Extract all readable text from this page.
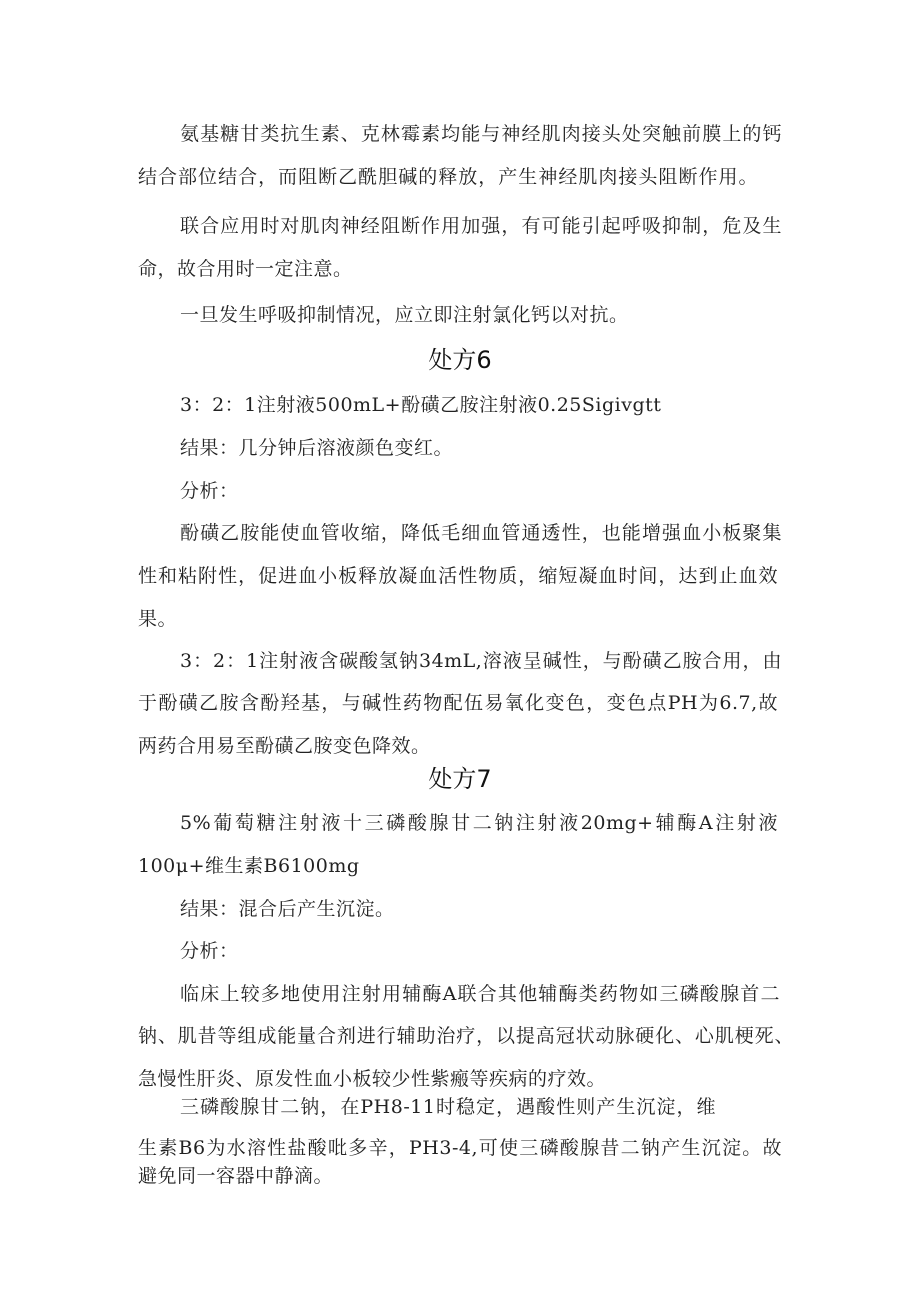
氨基糖甘类抗生素、克林霉素均能与神经肌肉接头处突触前膜上的钙
结合部位结合，而阻断乙酰胆碱的释放，产生神经肌肉接头阻断作用。
联合应用时对肌肉神经阻断作用加强，有可能引起呼吸抑制，危及生
命，故合用时一定注意。
一旦发生呼吸抑制情况，应立即注射氯化钙以对抗。
处方6
3：2：1注射液500mL+酚磺乙胺注射液0.25Sigivgtt
结果：几分钟后溶液颜色变红。
分析：
酚磺乙胺能使血管收缩，降低毛细血管通透性，也能增强血小板聚集
性和粘附性，促进血小板释放凝血活性物质，缩短凝血时间，达到止血效
果。
3：2：1注射液含碳酸氢钠34mL,溶液呈碱性，与酚磺乙胺合用，由
于酚磺乙胺含酚羟基，与碱性药物配伍易氧化变色，变色点PH为6.7,故
两药合用易至酚磺乙胺变色降效。
处方7
5%葡萄糖注射液十三磷酸腺甘二钠注射液20mg+辅酶A注射液
100μ+维生素B6100mg
结果：混合后产生沉淀。
分析：
临床上较多地使用注射用辅酶A联合其他辅酶类药物如三磷酸腺首二
钠、肌昔等组成能量合剂进行辅助治疗，以提高冠状动脉硬化、心肌梗死、
急慢性肝炎、原发性血小板较少性紫瘢等疾病的疗效。
三磷酸腺甘二钠，在PH8-11时稳定，遇酸性则产生沉淀，维
生素B6为水溶性盐酸吡多辛，PH3-4,可使三磷酸腺昔二钠产生沉淀。故
避免同一容器中静滴。
